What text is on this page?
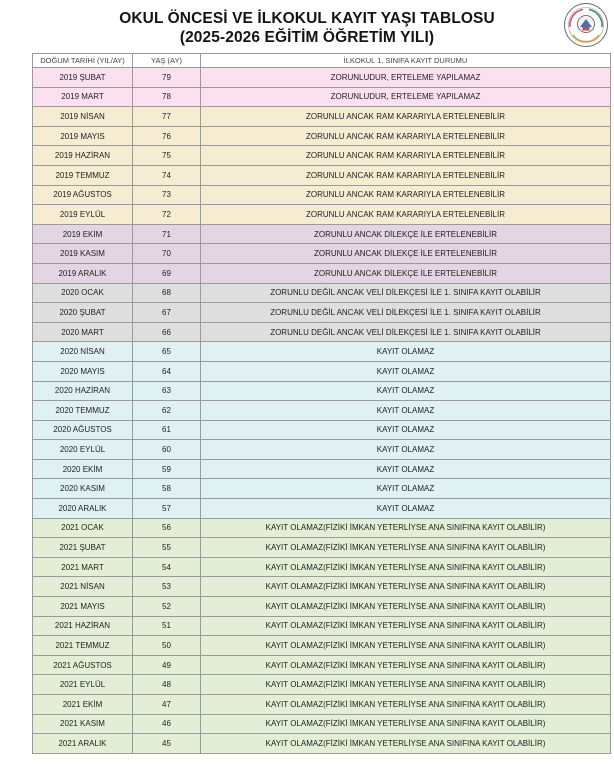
OKUL ÖNCESİ VE İLKOKUL KAYIT YAŞI TABLOSU
(2025-2026 EĞİTİM ÖĞRETİM YILI)
DOĞUM TARİHİ (YIL/AY)	YAŞ (AY)	İLKOKUL 1. SINIFA KAYIT DURUMU
2019 ŞUBAT	79	ZORUNLUDUR, ERTELEME YAPILAMAZ
2019 MART	78	ZORUNLUDUR, ERTELEME YAPILAMAZ
2019 NİSAN	77	ZORUNLU ANCAK RAM KARARIYLA ERTELENEBİLİR
2019 MAYIS	76	ZORUNLU ANCAK RAM KARARIYLA ERTELENEBİLİR
2019 HAZİRAN	75	ZORUNLU ANCAK RAM KARARIYLA ERTELENEBİLİR
2019 TEMMUZ	74	ZORUNLU ANCAK RAM KARARIYLA ERTELENEBİLİR
2019 AĞUSTOS	73	ZORUNLU ANCAK RAM KARARIYLA ERTELENEBİLİR
2019 EYLÜL	72	ZORUNLU ANCAK RAM KARARIYLA ERTELENEBİLİR
2019 EKİM	71	ZORUNLU ANCAK DİLEKÇE İLE ERTELENEBİLİR
2019 KASIM	70	ZORUNLU ANCAK DİLEKÇE İLE ERTELENEBİLİR
2019 ARALIK	69	ZORUNLU ANCAK DİLEKÇE İLE ERTELENEBİLİR
2020 OCAK	68	ZORUNLU DEĞİL ANCAK VELİ DİLEKÇESİ İLE 1. SINIFA KAYIT OLABİLİR
2020 ŞUBAT	67	ZORUNLU DEĞİL ANCAK VELİ DİLEKÇESİ İLE 1. SINIFA KAYIT OLABİLİR
2020 MART	66	ZORUNLU DEĞİL ANCAK VELİ DİLEKÇESİ İLE 1. SINIFA KAYIT OLABİLİR
2020 NİSAN	65	KAYIT OLAMAZ
2020 MAYIS	64	KAYIT OLAMAZ
2020 HAZİRAN	63	KAYIT OLAMAZ
2020 TEMMUZ	62	KAYIT OLAMAZ
2020 AĞUSTOS	61	KAYIT OLAMAZ
2020 EYLÜL	60	KAYIT OLAMAZ
2020 EKİM	59	KAYIT OLAMAZ
2020 KASIM	58	KAYIT OLAMAZ
2020 ARALIK	57	KAYIT OLAMAZ
2021 OCAK	56	KAYIT OLAMAZ(FİZİKİ İMKAN YETERLİYSE ANA SINIFINA KAYIT OLABİLİR)
2021 ŞUBAT	55	KAYIT OLAMAZ(FİZİKİ İMKAN YETERLİYSE ANA SINIFINA KAYIT OLABİLİR)
2021 MART	54	KAYIT OLAMAZ(FİZİKİ İMKAN YETERLİYSE ANA SINIFINA KAYIT OLABİLİR)
2021 NİSAN	53	KAYIT OLAMAZ(FİZİKİ İMKAN YETERLİYSE ANA SINIFINA KAYIT OLABİLİR)
2021 MAYIS	52	KAYIT OLAMAZ(FİZİKİ İMKAN YETERLİYSE ANA SINIFINA KAYIT OLABİLİR)
2021 HAZİRAN	51	KAYIT OLAMAZ(FİZİKİ İMKAN YETERLİYSE ANA SINIFINA KAYIT OLABİLİR)
2021 TEMMUZ	50	KAYIT OLAMAZ(FİZİKİ İMKAN YETERLİYSE ANA SINIFINA KAYIT OLABİLİR)
2021 AĞUSTOS	49	KAYIT OLAMAZ(FİZİKİ İMKAN YETERLİYSE ANA SINIFINA KAYIT OLABİLİR)
2021 EYLÜL	48	KAYIT OLAMAZ(FİZİKİ İMKAN YETERLİYSE ANA SINIFINA KAYIT OLABİLİR)
2021 EKİM	47	KAYIT OLAMAZ(FİZİKİ İMKAN YETERLİYSE ANA SINIFINA KAYIT OLABİLİR)
2021 KASIM	46	KAYIT OLAMAZ(FİZİKİ İMKAN YETERLİYSE ANA SINIFINA KAYIT OLABİLİR)
2021 ARALIK	45	KAYIT OLAMAZ(FİZİKİ İMKAN YETERLİYSE ANA SINIFINA KAYIT OLABİLİR)
